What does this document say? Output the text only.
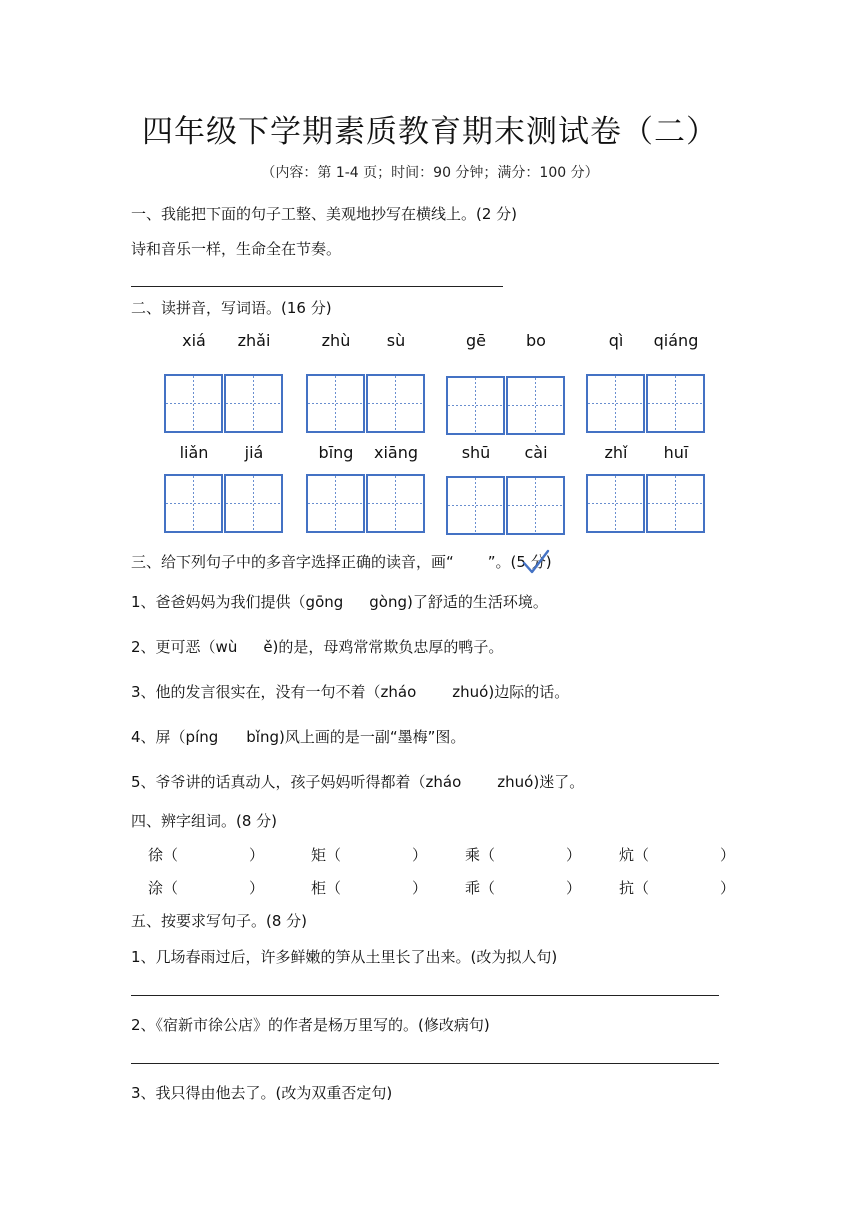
四年级下学期素质教育期末测试卷（二）
（内容：第 1-4 页；时间：90 分钟；满分：100 分）
一、我能把下面的句子工整、美观地抄写在横线上。(2 分)
诗和音乐一样，生命全在节奏。
二、读拼音，写词语。(16 分)
xiá	zhǎi	zhù	sù	gē	bo	qì	qiáng
liǎn	jiá	bīng	xiāng	shū	cài	zhǐ	huī
三、给下列句子中的多音字选择正确的读音，画“ ”。(5 分)
1、爸爸妈妈为我们提供（gōng gòng)了舒适的生活环境。
2、更可恶（wù ě)的是，母鸡常常欺负忠厚的鸭子。
3、他的发言很实在，没有一句不着（zháo zhuó)边际的话。
4、屏（píng bǐng)风上画的是一副“墨梅”图。
5、爷爷讲的话真动人，孩子妈妈听得都着（zháo zhuó)迷了。
四、辨字组词。(8 分)
徐（	）	矩（	）	乘（	）	炕（	）
涂（	）	柜（	）	乖（	）	抗（	）
五、按要求写句子。(8 分)
1、几场春雨过后，许多鲜嫩的笋从土里长了出来。(改为拟人句)
2、《宿新市徐公店》的作者是杨万里写的。(修改病句)
3、我只得由他去了。(改为双重否定句)
